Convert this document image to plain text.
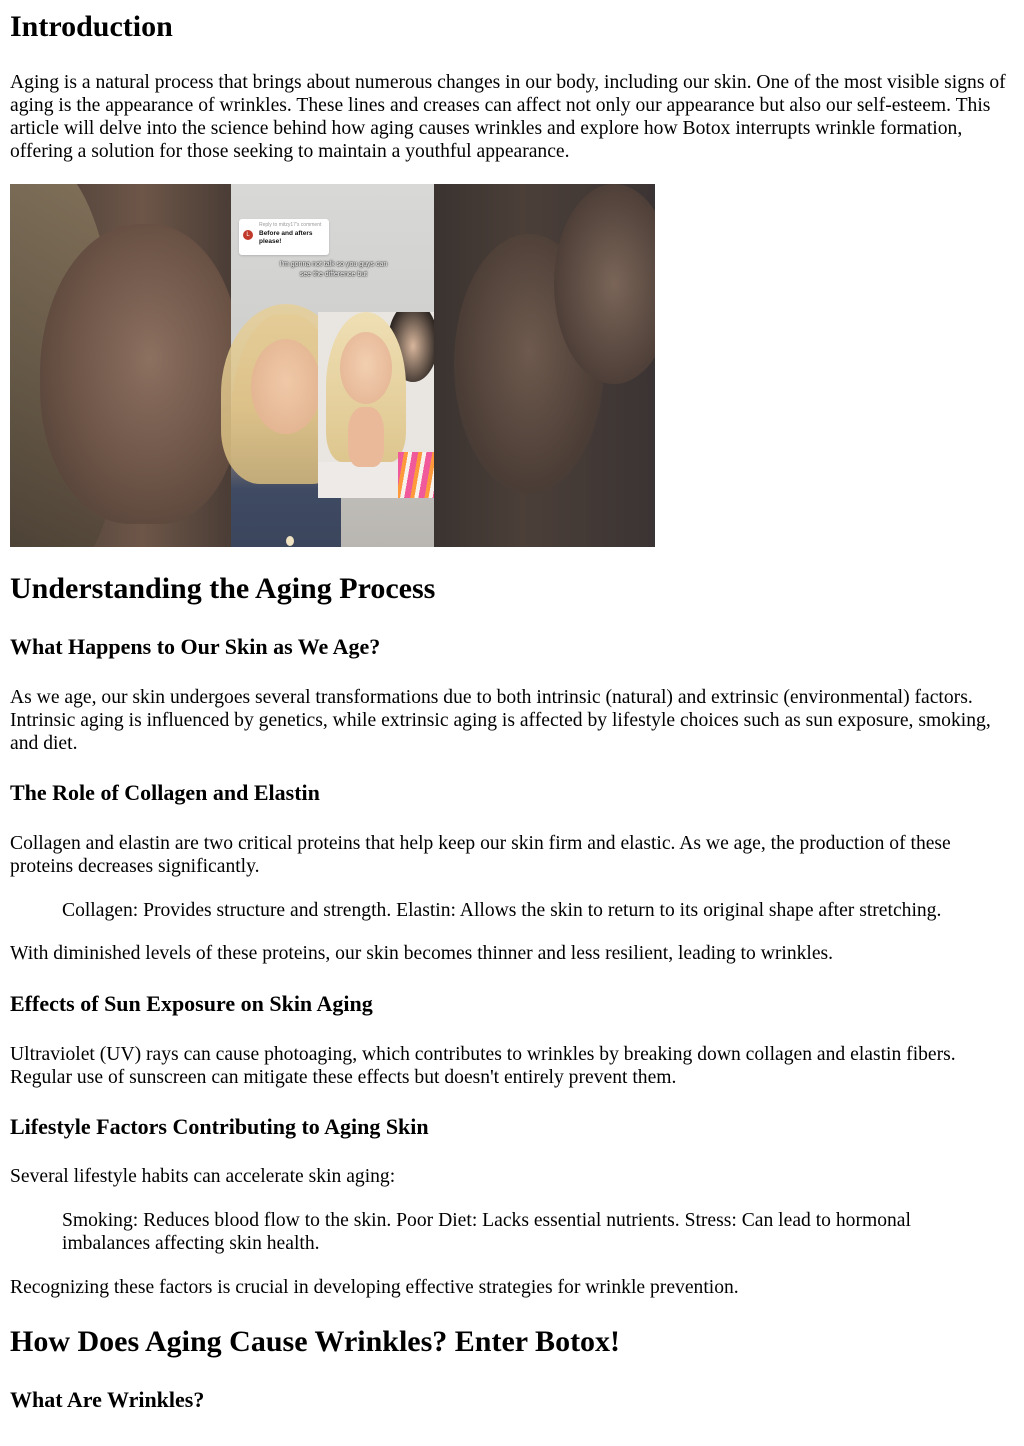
Introduction

Aging is a natural process that brings about numerous changes in our body, including our skin. One of the most visible signs of aging is the appearance of wrinkles. These lines and creases can affect not only our appearance but also our self-esteem. This article will delve into the science behind how aging causes wrinkles and explore how Botox interrupts wrinkle formation, offering a solution for those seeking to maintain a youthful appearance.

Reply to mitzy17's comment
L	Before and afters please!
I'm gonna not talk so you guys can see the difference but
Understanding the Aging Process
What Happens to Our Skin as We Age?

As we age, our skin undergoes several transformations due to both intrinsic (natural) and extrinsic (environmental) factors. Intrinsic aging is influenced by genetics, while extrinsic aging is affected by lifestyle choices such as sun exposure, smoking, and diet.

The Role of Collagen and Elastin

Collagen and elastin are two critical proteins that help keep our skin firm and elastic. As we age, the production of these proteins decreases significantly.

Collagen: Provides structure and strength. Elastin: Allows the skin to return to its original shape after stretching.

With diminished levels of these proteins, our skin becomes thinner and less resilient, leading to wrinkles.

Effects of Sun Exposure on Skin Aging

Ultraviolet (UV) rays can cause photoaging, which contributes to wrinkles by breaking down collagen and elastin fibers. Regular use of sunscreen can mitigate these effects but doesn't entirely prevent them.

Lifestyle Factors Contributing to Aging Skin

Several lifestyle habits can accelerate skin aging:

Smoking: Reduces blood flow to the skin. Poor Diet: Lacks essential nutrients. Stress: Can lead to hormonal imbalances affecting skin health.

Recognizing these factors is crucial in developing effective strategies for wrinkle prevention.

How Does Aging Cause Wrinkles? Enter Botox!
What Are Wrinkles?
